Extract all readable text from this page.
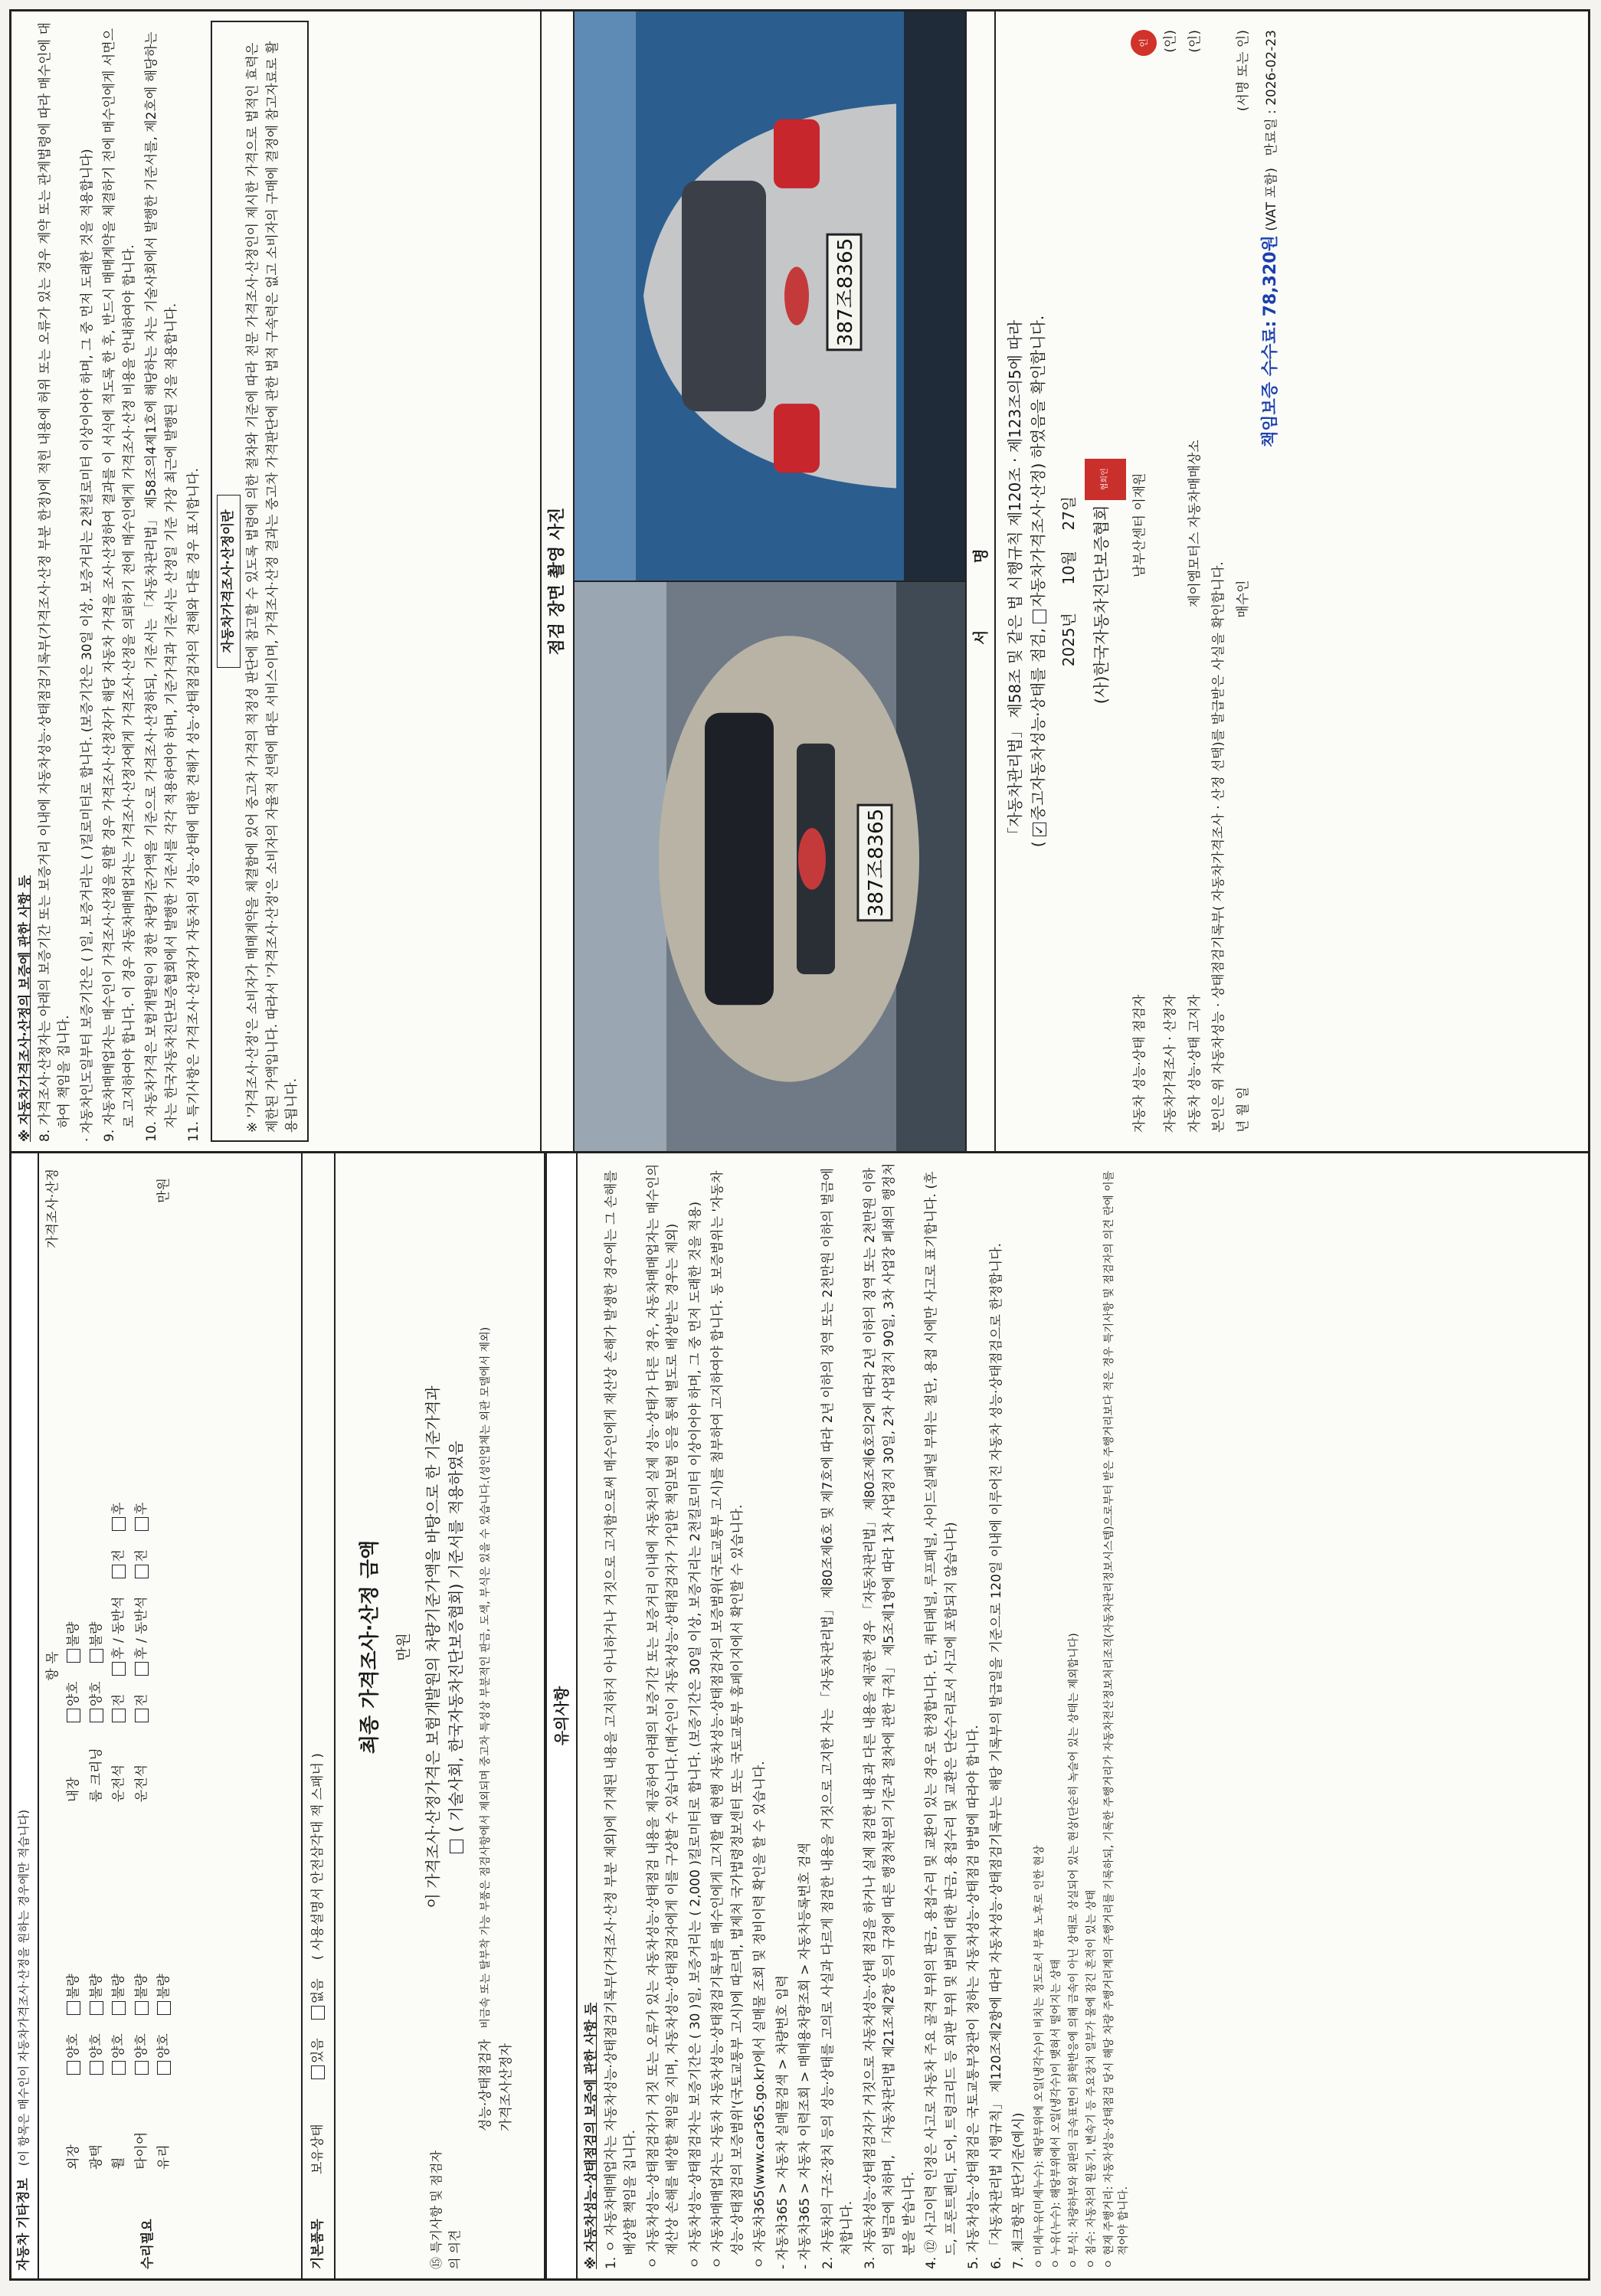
자동차 기타정보 (이 항목은 매수인이 자동차가격조사·산정을 원하는 경우에만 적습니다)
수리필요
항 목
가격조사·산정
외장
양호
불량
내장
양호
불량
광택
양호
불량
룸 크리닝
양호
불량
휠
양호
불량
운전석
전
후 / 동반석
전
후
타이어
양호
불량
운전석
전
후 / 동반석
전
후
유리
양호
불량
만원
기본품목
보유상태
있음
없음
( 사용설명서 안전삼각대 잭 스패너 )
⑮ 특기사항 및 점검자의 의견
최종 가격조사·산정 금액 만원 이 가격조사·산정가격은 보험개발원의 차량기준가액을 바탕으로 한 기준가격과 ( 기술사회, 한국자동차진단보증협회) 기준서를 적용하였음
성능·상태점검자
비금속 또는 탈부착 가능 부품은 점검사항에서 제외되며 중고차 특성상 부분적인 판금, 도색, 부식은 있을 수 있습니다.(성인업체는 외관 모델에서 제외)
가격조사산정자
유의사항
※ 자동차성능·상태점검의 보증에 관한 사항 등 1. ㅇ 자동차매매업자는 자동차성능·상태점검기록부(가격조사·산정 부분 제외)에 기재된 내용을 고지하지 아니하거나 거짓으로 고지함으로써 매수인에게 재산상 손해가 발생한 경우에는 그 손해를 배상할 책임을 집니다. ㅇ 자동차성능·상태점검자가 거짓 또는 오류가 있는 자동차성능·상태점검 내용을 제공하여 아래의 보증기간 또는 보증거리 이내에 자동차의 실제 성능·상태가 다른 경우, 자동차매매업자는 매수인의 재산상 손해를 배상할 책임을 지며, 자동차성능·상태점검자에게 이를 구상할 수 있습니다.(매수인이 자동차성능·상태점검자가 가입한 책임보험 등을 통해 별도로 배상받는 경우는 제외) ㅇ 자동차성능·상태점검자는 보증기간은 ( 30 )일, 보증거리는 ( 2,000 )킬로미터로 합니다. (보증기간은 30일 이상, 보증거리는 2천킬로미터 이상이어야 하며, 그 중 먼저 도래한 것을 적용) ㅇ 자동차매매업자는 자동차 자동차성능·상태점검기록부를 매수인에게 고지할 때 현행 자동차성능·상태점검자의 보증범위(국토교통부 고시)를 첨부하여 고지하여야 합니다. 동 보증범위는 '자동차성능·상태점검의 보증범위'(국토교통부 고시)에 따르며, 법제처 국가법령정보센터 또는 국토교통부 홈페이지에서 확인할 수 있습니다. ㅇ 자동차365(www.car365.go.kr)에서 실매물 조회 및 정비이력 확인을 할 수 있습니다. - 자동차365 > 자동차 실매물검색 > 차량번호 입력 - 자동차365 > 자동차 이력조회 > 매매용차량조회 > 자동차등록번호 검색 2. 자동차의 구조·장치 등의 성능·상태를 고의로 사실과 다르게 점검한 내용을 거짓으로 고지한 자는 「자동차관리법」 제80조제6호 및 제7호에 따라 2년 이하의 징역 또는 2천만원 이하의 벌금에 처합니다. 3. 자동차성능·상태점검자가 거짓으로 자동차성능·상태 점검을 하거나 실제 점검한 내용과 다른 내용을 제공한 경우 「자동차관리법」 제80조제6호의2에 따라 2년 이하의 징역 또는 2천만원 이하의 벌금에 처하며, 「자동차관리법 제21조제2항 등의 규정에 따른 행정처분의 기준과 절차에 관한 규칙」 제5조제1항에 따라 1차 사업정지 30일, 2차 사업정지 90일, 3차 사업장 폐쇄의 행정처분을 받습니다. 4. ⑫ 사고이력 인정은 사고로 자동차 주요 골격 부위의 판금, 용접수리 및 교환이 있는 경우로 한정합니다. 단, 쿼터패널, 루프패널, 사이드실패널 부위는 절단, 용접 시에만 사고로 표기합니다. (후드, 프론트펜더, 도어, 트렁크리드 등 외판 부위 및 범퍼에 대한 판금, 용접수리 및 교환은 단순수리로서 사고에 포함되지 않습니다) 5. 자동차성능·상태점검은 국토교통부장관이 정하는 자동차성능·상태점검 방법에 따라야 합니다. 6. 「자동차관리법 시행규칙」 제120조제2항에 따라 자동차성능·상태점검기록부는 해당 기록부의 발급일을 기준으로 120일 이내에 이루어진 자동차 성능·상태점검으로 한정합니다. 7. 체크항목 판단기준(예시) ㅇ 미세누유(미세누수): 해당부위에 오일(냉각수)이 비치는 정도로서 부품 노후로 인한 현상 ㅇ 누유(누수): 해당부위에서 오일(냉각수)이 맺혀서 떨어지는 상태 ㅇ 부식: 차량하부와 외판의 금속표면이 화학반응에 의해 금속이 아닌 상태로 상실되어 있는 현상(단순히 녹슬어 있는 상태는 제외합니다) ㅇ 침수: 자동차의 원동기, 변속기 등 주요장치 일부가 물에 잠긴 흔적이 있는 상태 ㅇ 현재 주행거리: 자동차성능·상태점검 당시 해당 차량 주행거리계의 주행거리를 기록하되, 기록한 주행거리가 자동차전산정보처리조직(자동차관리정보시스템)으로부터 받은 주행거리보다 적은 경우 특기사항 및 점검자의 의견 란에 이를 적어야 합니다.

※ 자동차가격조사·산정의 보증에 관한 사항 등 8. 가격조사·산정자는 아래의 보증기간 또는 보증거리 이내에 자동차성능·상태점검기록부(가격조사·산정 부분 한정)에 적힌 내용에 허위 또는 오류가 있는 경우 계약 또는 관계법령에 따라 매수인에 대하여 책임을 집니다. · 자동차인도일부터 보증기간은 ( )일, 보증거리는 ( )킬로미터로 합니다. (보증기간은 30일 이상, 보증거리는 2천킬로미터 이상이어야 하며, 그 중 먼저 도래한 것을 적용합니다) 9. 자동차매매업자는 매수인이 가격조사·산정을 원할 경우 가격조사·산정자가 해당 자동차 가격을 조사·산정하여 결과를 이 서식에 적도록 한 후, 반드시 매매계약을 체결하기 전에 매수인에게 서면으로 고지하여야 합니다. 이 경우 자동차매매업자는 가격조사·산정자에게 가격조사·산정을 의뢰하기 전에 매수인에게 가격조사·산정 비용을 안내하여야 합니다. 10. 자동차가격은 보험개발원이 정한 차량기준가액을 기준으로 가격조사·산정하되, 기준서는 「자동차관리법」 제58조의4제1호에 해당하는 자는 기술사회에서 발행한 기준서를, 제2호에 해당하는 자는 한국자동차진단보증협회에서 발행한 기준서를 각각 적용하여야 하며, 기준가격과 기준서는 산정일 기준 가장 최근에 발행된 것을 적용합니다. 11. 특기사항은 가격조사·산정자가 자동차의 성능·상태에 대한 견해가 성능·상태점검자의 견해와 다를 경우 표시합니다. 자동차가격조사·산정이란 ※ '가격조사·산정'은 소비자가 매매계약을 체결함에 있어 중고차 가격의 적정성 판단에 참고할 수 있도록 법령에 의한 절차와 기준에 따라 전문 가격조사·산정인이 제시한 가격으로 법적인 효력은 제한된 가액입니다. 따라서 '가격조사·산정'은 소비자의 자율적 선택에 따른 서비스이며, 가격조사·산정 결과는 중고차 가격판단에 관한 법적 구속력은 없고 소비자의 구매에 결정에 참고자료로 활용됩니다.
점검 장면 촬영 사진
387조8365
387조8365
서 명	「자동차관리법」 제58조 및 같은 법 시행규칙 제120조 · 제123조의5에 따라 ( ✓중고자동차성능·상태를 점검, 자동차가격조사·산정) 하였음을 확인합니다.
2025년 10월 27일 (사)한국자동차진단보증협회 협회인
자동차 성능·상태 점검자
남부산센터 이재원
인
자동차가격조사 · 산정자
(인)
자동차 성능·상태 고지자
제이엠모터스 자동차매매상소
(인)
본인은 위 자동차성능 · 상태점검기록부( 자동차가격조사 · 산정 선택)를 발급받은 사실을 확인합니다. 년 월 일
매수인
(서명 또는 인)
책임보증 수수료: 78,320원 (VAT 포함) 만료일 : 2026-02-23
